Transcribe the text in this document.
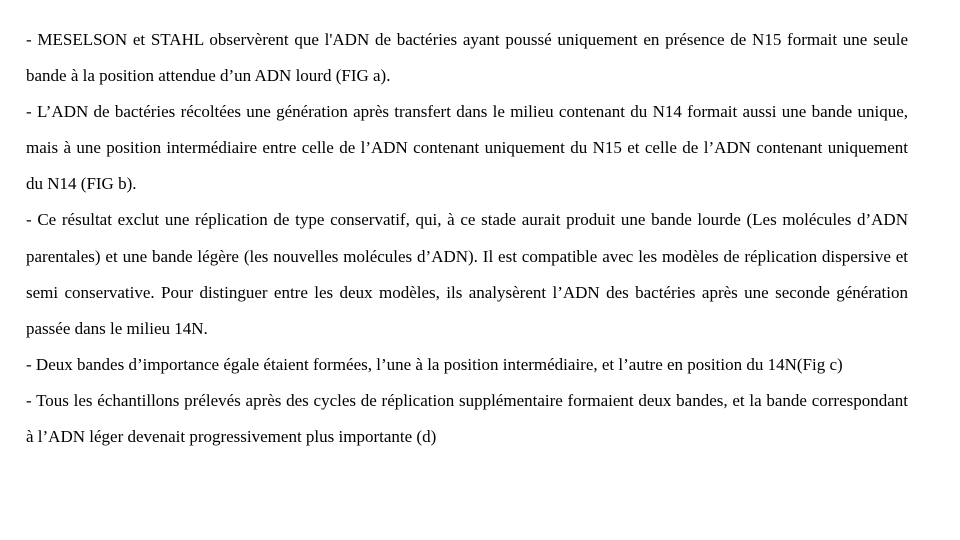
- MESELSON et STAHL observèrent que l'ADN de bactéries ayant poussé uniquement en présence de N15 formait une seule bande à la position attendue d’un ADN lourd (FIG a).

- L’ADN de bactéries récoltées une génération après transfert dans le milieu contenant du N14 formait aussi une bande unique, mais à une position intermédiaire entre celle de l’ADN contenant uniquement du N15 et celle de l’ADN contenant uniquement du N14 (FIG b).

- Ce résultat exclut une réplication de type conservatif, qui, à ce stade aurait produit une bande lourde (Les molécules d’ADN parentales) et une bande légère (les nouvelles molécules d’ADN). Il est compatible avec les modèles de réplication dispersive et semi conservative. Pour distinguer entre les deux modèles, ils analysèrent l’ADN des bactéries après une seconde génération passée dans le milieu 14N.

- Deux bandes d’importance égale étaient formées, l’une à la position intermédiaire, et l’autre en position du 14N(Fig c)

- Tous les échantillons prélevés après des cycles de réplication supplémentaire formaient deux bandes, et la bande correspondant à l’ADN léger devenait progressivement plus importante (d)
